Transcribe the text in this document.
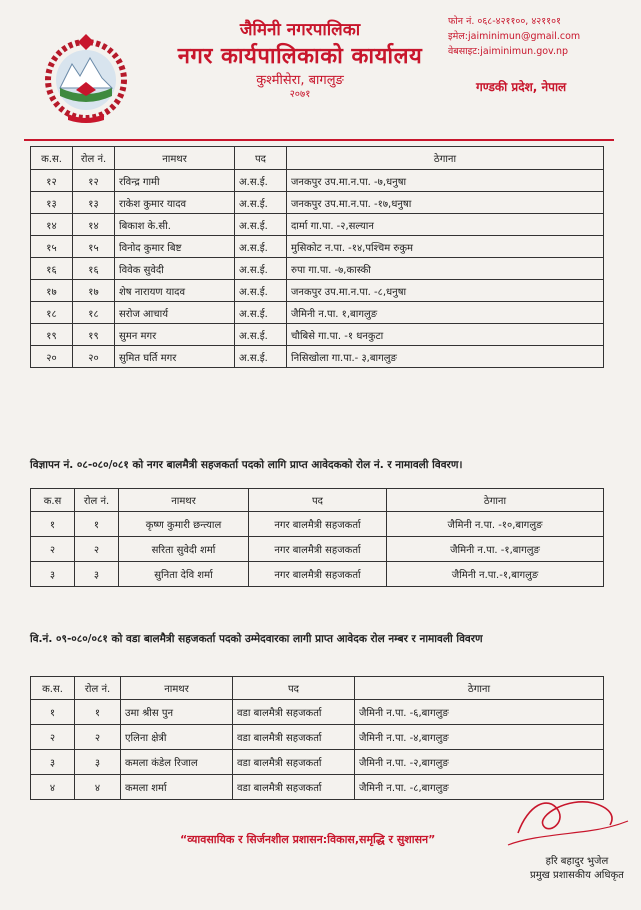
जैमिनी नगरपालिका
नगर कार्यपालिकाको कार्यालय
कुश्मीसेरा, बागलुङ
२०७१
फोन नं. ०६८-४२११००, ४२११०१
इमेल:jaiminimun@gmail.com
वेबसाइट:jaiminimun.gov.np
गण्डकी प्रदेश, नेपाल
क.स.	रोल नं.	नामथर	पद	ठेगाना
१२	१२	रविन्द्र गामी	अ.स.ई.	जनकपुर उप.मा.न.पा. -७,धनुषा
१३	१३	राकेश कुमार यादव	अ.स.ई.	जनकपुर उप.मा.न.पा. -१७,धनुषा
१४	१४	बिकाश के.सी.	अ.स.ई.	दार्मा गा.पा. -२,सल्यान
१५	१५	विनोद कुमार बिष्ट	अ.स.ई.	मुसिकोट न.पा. -१४,पश्चिम रुकुम
१६	१६	विवेक सुवेदी	अ.स.ई.	रुपा गा.पा. -७,कास्की
१७	१७	शेष नारायण यादव	अ.स.ई.	जनकपुर उप.मा.न.पा. -८,धनुषा
१८	१८	सरोज आचार्य	अ.स.ई.	जैमिनी न.पा. १,बागलुङ
१९	१९	सुमन मगर	अ.स.ई.	चौबिसे गा.पा. -१ धनकुटा
२०	२०	सुमित घर्ति मगर	अ.स.ई.	निसिखोला गा.पा.- ३,बागलुङ
विज्ञापन नं. ०८-०८०/०८१ को नगर बालमैत्री सहजकर्ता पदको लागि प्राप्त आवेदकको रोल नं. र नामावली विवरण।
क.स	रोल नं.	नामथर	पद	ठेगाना
१	१	कृष्ण कुमारी छन्त्याल	नगर बालमैत्री सहजकर्ता	जैमिनी न.पा. -१०,बागलुङ
२	२	सरिता सुवेदी शर्मा	नगर बालमैत्री सहजकर्ता	जैमिनी न.पा. -१,बागलुङ
३	३	सुनिता देवि शर्मा	नगर बालमैत्री सहजकर्ता	जैमिनी न.पा.-१,बागलुङ
वि.नं. ०९-०८०/०८१ को वडा बालमैत्री सहजकर्ता पदको उम्मेदवारका लागी प्राप्त आवेदक रोल नम्बर र नामावली विवरण
क.स.	रोल नं.	नामथर	पद	ठेगाना
१	१	उमा श्रीस पुन	वडा बालमैत्री सहजकर्ता	जैमिनी न.पा. -६,बागलुङ
२	२	एलिना क्षेत्री	वडा बालमैत्री सहजकर्ता	जैमिनी न.पा. -४,बागलुङ
३	३	कमला कंडेल रिजाल	वडा बालमैत्री सहजकर्ता	जैमिनी न.पा. -२,बागलुङ
४	४	कमला शर्मा	वडा बालमैत्री सहजकर्ता	जैमिनी न.पा. -८,बागलुङ
“व्यावसायिक र सिर्जनशील प्रशासन:विकास,समृद्धि र सुशासन”
हरि बहादुर भुजेल
प्रमुख प्रशासकीय अधिकृत
